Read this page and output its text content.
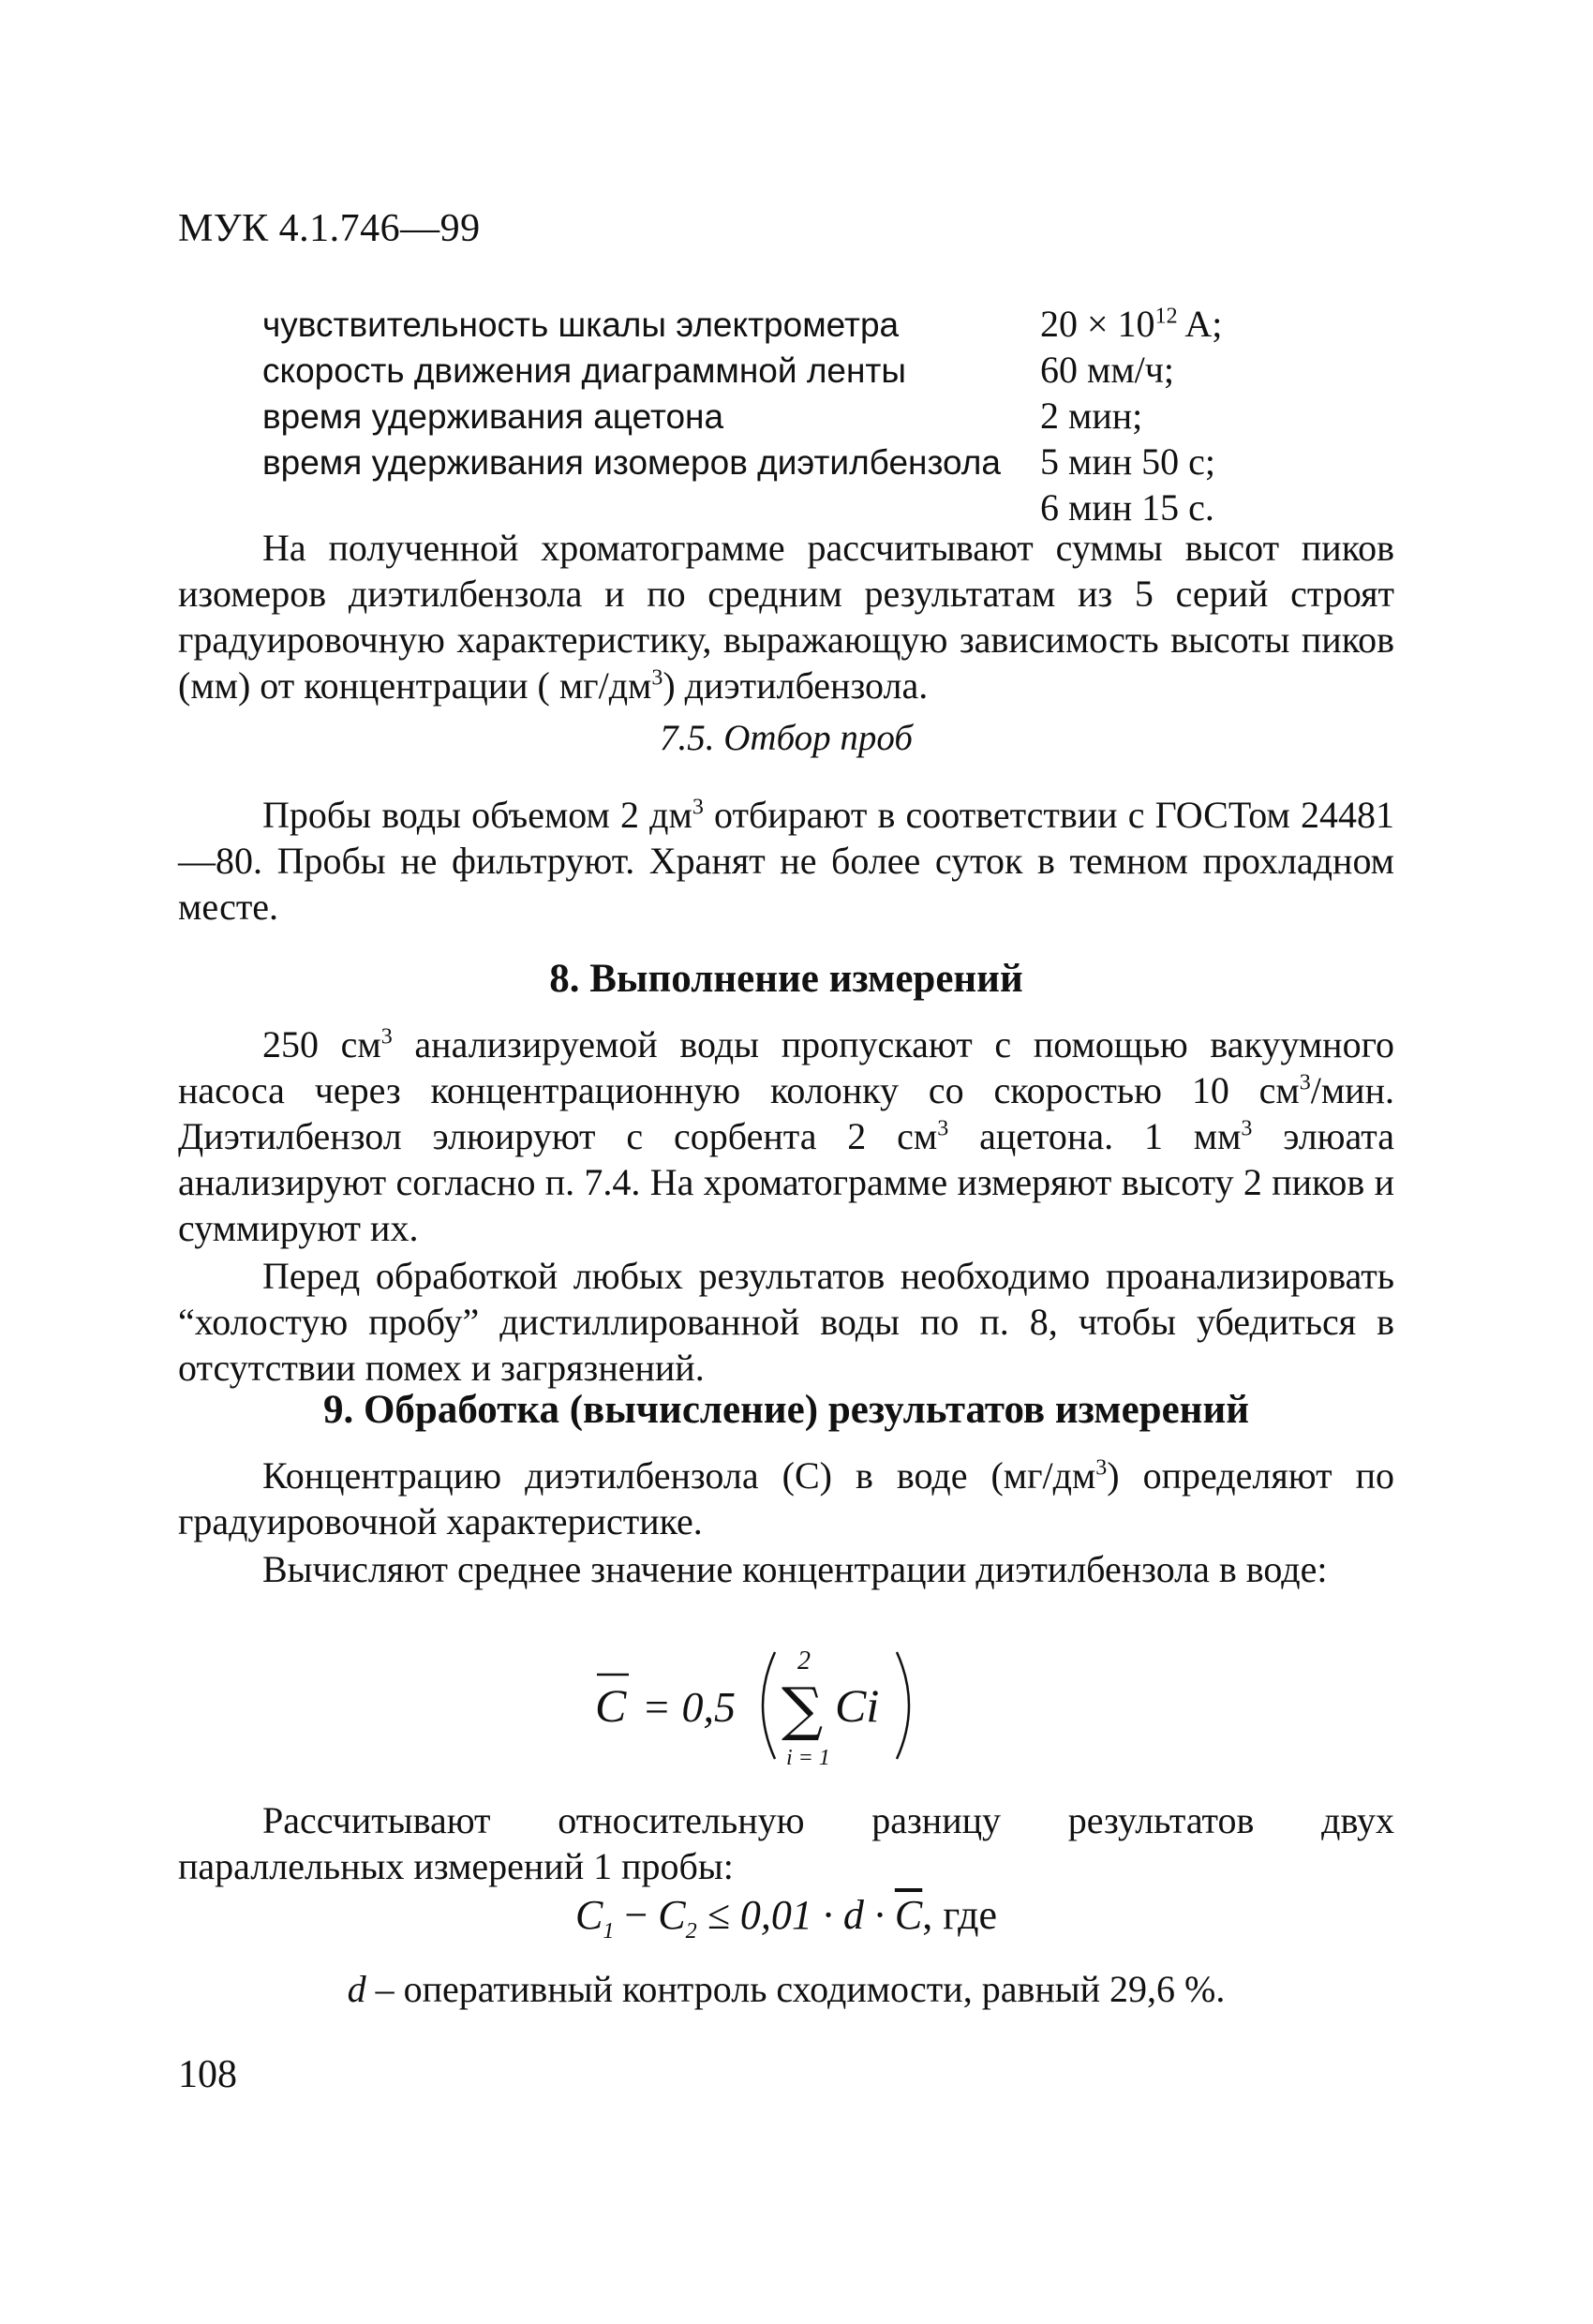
МУК 4.1.746—99
чувствительность шкалы электрометра	$20 \times 10^{12}$ A;
скорость движения диаграммной ленты	60 мм/ч;
время удерживания ацетона	2 мин;
время удерживания изомеров диэтилбензола	5 мин 50 с;
6 мин 15 с.

На полученной хроматограмме рассчитывают суммы высот пиков изомеров диэтилбензола и по средним результатам из 5 серий строят градуировочную характеристику, выражающую зависимость высоты пиков (мм) от концентрации ( $мг/дм^3$) диэтилбензола.

7.5. Отбор проб

Пробы воды объемом 2 $дм^3$ отбирают в соответствии с ГОСТом 24481—80. Пробы не фильтруют. Хранят не более суток в темном прохладном месте.

8. Выполнение измерений

250 $см^3$ анализируемой воды пропускают с помощью вакуумного насоса через концентрационную колонку со скоростью 10 $см^3$/мин. Диэтилбензол элюируют с сорбента 2 $см^3$ ацетона. 1 $мм^3$ элюата анализируют согласно п. 7.4. На хроматограмме измеряют высоту 2 пиков и суммируют их.

Перед обработкой любых результатов необходимо проанализировать “холостую пробу” дистиллированной воды по п. 8, чтобы убедиться в отсутствии помех и загрязнений.

9. Обработка (вычисление) результатов измерений

Концентрацию диэтилбензола (C) в воде $(мг/дм^3)$ определяют по градуировочной характеристике.

Вычисляют среднее значение концентрации диэтилбензола в воде:

C = 0,5
2
∑
i = 1
Ci

Рассчитывают относительную разницу результатов двух параллельных измерений 1 пробы:

$C_1 - C_2 \le 0,01 \cdot d \cdot \overline{C}$, где
d – оперативный контроль сходимости, равный 29,6 %.
108
